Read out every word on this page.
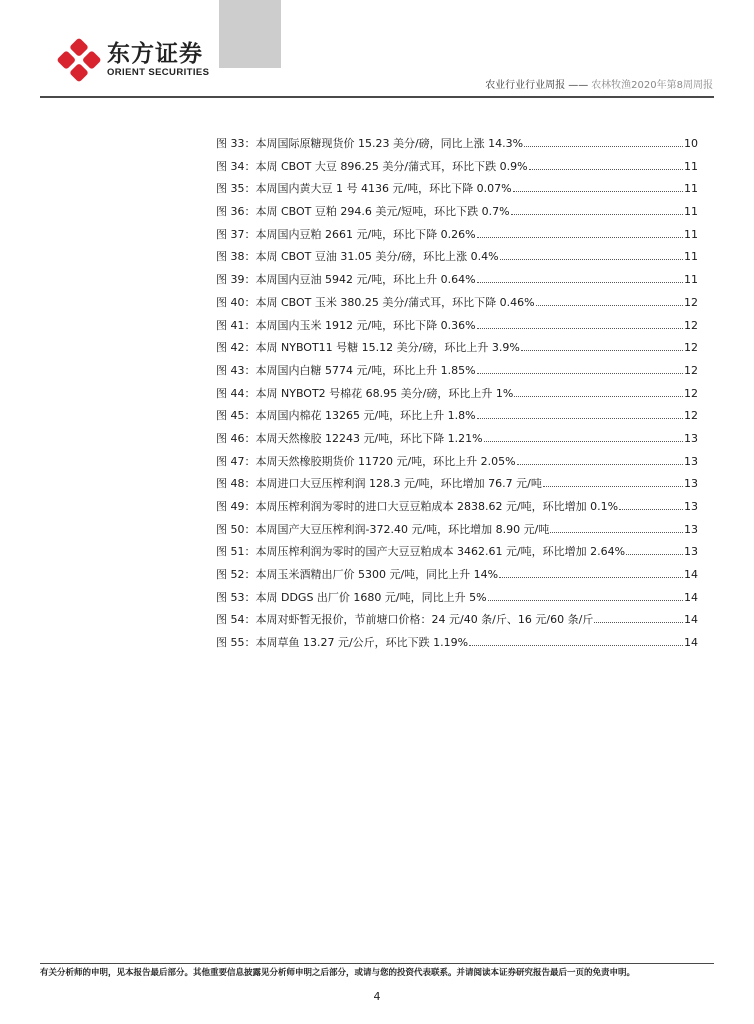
东方证券
ORIENT SECURITIES
农业行业行业周报 —— 农林牧渔2020年第8周周报
图 33：本周国际原糖现货价 15.23 美分/磅，同比上涨 14.3%	10
图 34：本周 CBOT 大豆 896.25 美分/蒲式耳，环比下跌 0.9%	11
图 35：本周国内黄大豆 1 号 4136 元/吨，环比下降 0.07%	11
图 36：本周 CBOT 豆粕 294.6 美元/短吨，环比下跌 0.7%	11
图 37：本周国内豆粕 2661 元/吨，环比下降 0.26%	11
图 38：本周 CBOT 豆油 31.05 美分/磅，环比上涨 0.4%	11
图 39：本周国内豆油 5942 元/吨，环比上升 0.64%	11
图 40：本周 CBOT 玉米 380.25 美分/蒲式耳，环比下降 0.46%	12
图 41：本周国内玉米 1912 元/吨，环比下降 0.36%	12
图 42：本周 NYBOT11 号糖 15.12 美分/磅，环比上升 3.9%	12
图 43：本周国内白糖 5774 元/吨，环比上升 1.85%	12
图 44：本周 NYBOT2 号棉花 68.95 美分/磅，环比上升 1%	12
图 45：本周国内棉花 13265 元/吨，环比上升 1.8%	12
图 46：本周天然橡胶 12243 元/吨，环比下降 1.21%	13
图 47：本周天然橡胶期货价 11720 元/吨，环比上升 2.05%	13
图 48：本周进口大豆压榨利润 128.3 元/吨，环比增加 76.7 元/吨	13
图 49：本周压榨利润为零时的进口大豆豆粕成本 2838.62 元/吨，环比增加 0.1%	13
图 50：本周国产大豆压榨利润-372.40 元/吨，环比增加 8.90 元/吨	13
图 51：本周压榨利润为零时的国产大豆豆粕成本 3462.61 元/吨，环比增加 2.64%	13
图 52：本周玉米酒精出厂价 5300 元/吨，同比上升 14%	14
图 53：本周 DDGS 出厂价 1680 元/吨，同比上升 5%	14
图 54：本周对虾暂无报价，节前塘口价格：24 元/40 条/斤、16 元/60 条/斤	14
图 55：本周草鱼 13.27 元/公斤，环比下跌 1.19%	14
有关分析师的申明，见本报告最后部分。其他重要信息披露见分析师申明之后部分，或请与您的投资代表联系。并请阅读本证券研究报告最后一页的免责申明。
4
